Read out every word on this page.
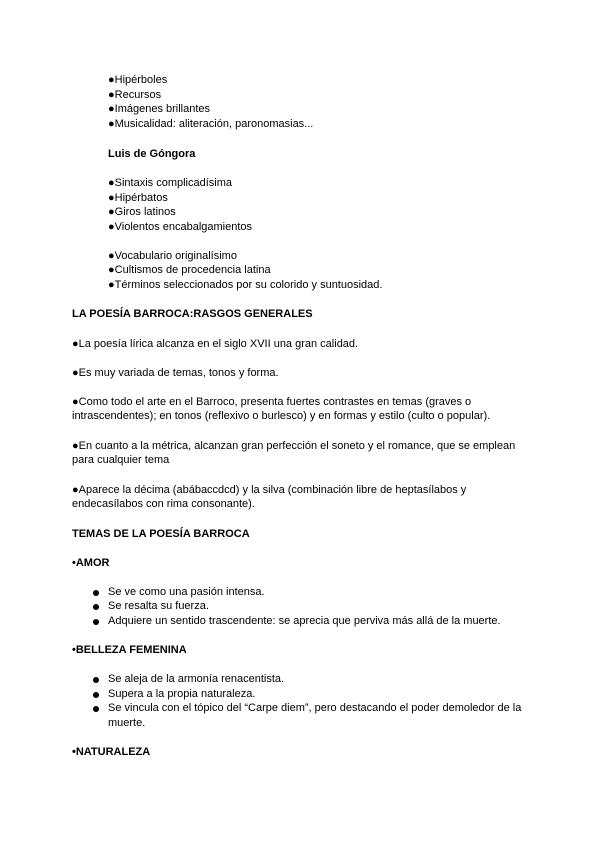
●Hipérboles
●Recursos
●Imágenes brillantes
●Musicalidad: aliteración, paronomasias...
Luis de Góngora
●Sintaxis complicadísima
●Hipérbatos
●Giros latinos
●Violentos encabalgamientos
●Vocabulario originalísimo
●Cultismos de procedencia latina
●Términos seleccionados por su colorido y suntuosidad.
LA POESÍA BARROCA:RASGOS GENERALES
●La poesía lírica alcanza en el siglo XVII una gran calidad.
●Es muy variada de temas, tonos y forma.
●Como todo el arte en el Barroco, presenta fuertes contrastes en temas (graves o
intrascendentes); en tonos (reflexivo o burlesco) y en formas y estilo (culto o popular).
●En cuanto a la métrica, alcanzan gran perfección el soneto y el romance, que se emplean
para cualquier tema
●Aparece la décima (abábaccdcd) y la silva (combinación libre de heptasílabos y
endecasílabos con rima consonante).
TEMAS DE LA POESÍA BARROCA
•AMOR
Se ve como una pasión intensa.
Se resalta su fuerza.
Adquiere un sentido trascendente: se aprecia que perviva más allá de la muerte.
•BELLEZA FEMENINA
Se aleja de la armonía renacentista.
Supera a la propia naturaleza.
Se vincula con el tópico del “Carpe diem”, pero destacando el poder demoledor de la
muerte.
•NATURALEZA
